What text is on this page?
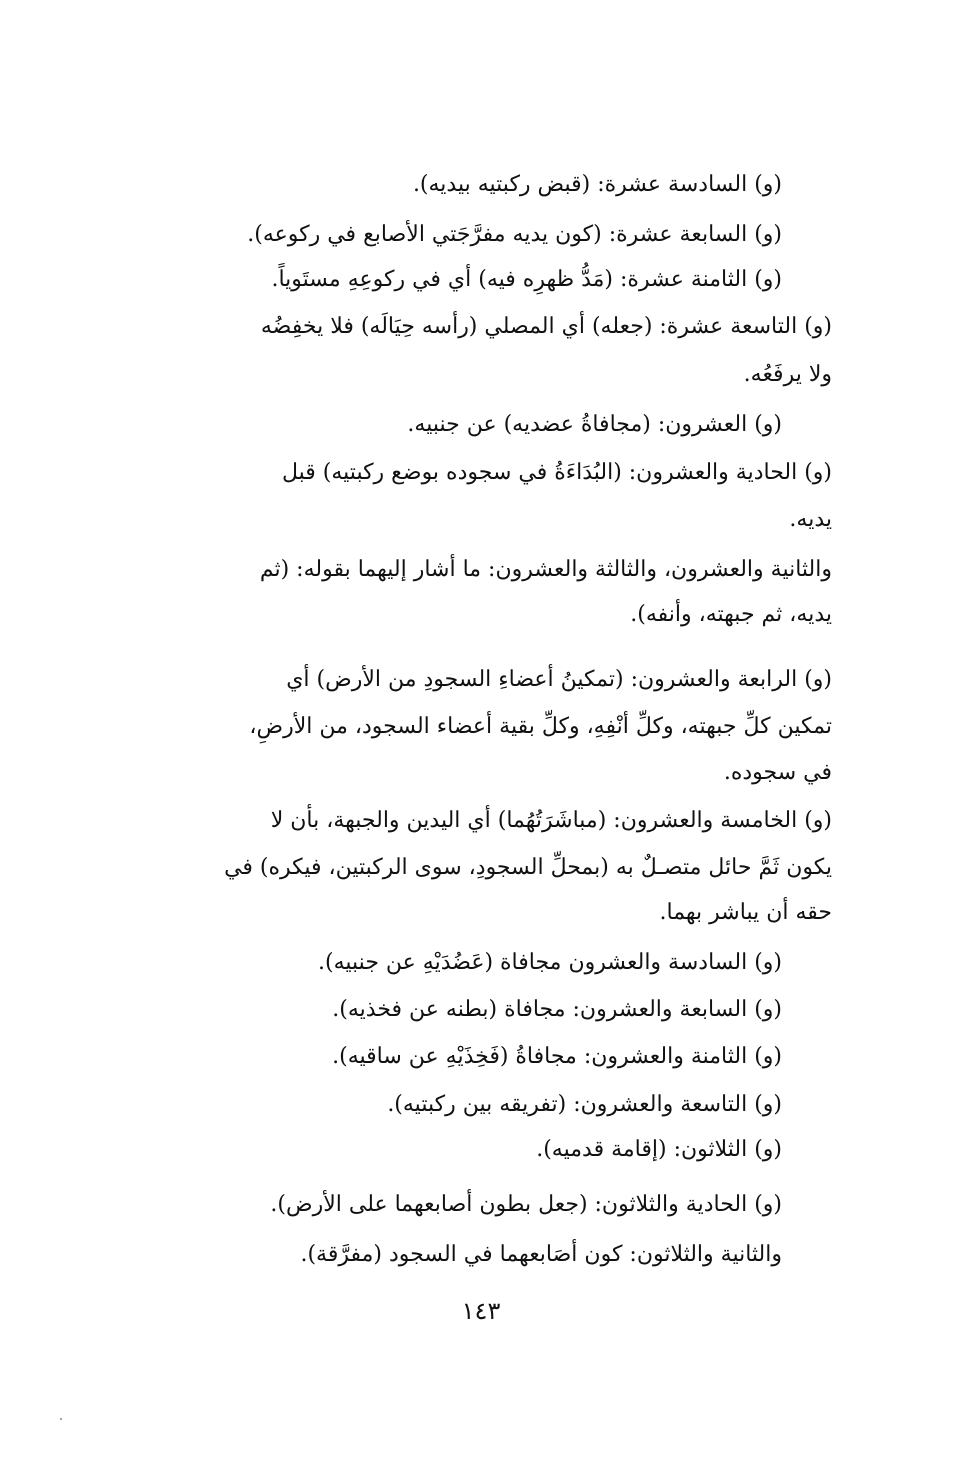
(و) السادسة عشرة: (قبض ركبتيه بيديه).
(و) السابعة عشرة: (كون يديه مفرَّجَتي الأصابع في ركوعه).
(و) الثامنة عشرة: (مَدُّ ظهرِه فيه) أي في ركوعِهِ مستَوياً.
(و) التاسعة عشرة: (جعله) أي المصلي (رأسه حِيَالَه) فلا يخفِضُه
ولا يرفَعُه.
(و) العشرون: (مجافاةُ عضديه) عن جنبيه.
(و) الحادية والعشرون: (البُدَاءَةُ في سجوده بوضع ركبتيه) قبل
يديه.
والثانية والعشرون، والثالثة والعشرون: ما أشار إليهما بقوله: (ثم
يديه، ثم جبهته، وأنفه).
(و) الرابعة والعشرون: (تمكينُ أعضاءِ السجودِ من الأرض) أي
تمكين كلِّ جبهته، وكلِّ أنْفِهِ، وكلِّ بقية أعضاء السجود، من الأرضِ،
في سجوده.
(و) الخامسة والعشرون: (مباشَرَتُهُما) أي اليدين والجبهة، بأن لا
يكون ثَمَّ حائل متصـلٌ به (بمحلِّ السجودِ، سوى الركبتين، فيكره) في
حقه أن يباشر بهما.
(و) السادسة والعشرون مجافاة (عَضُدَيْهِ عن جنبيه).
(و) السابعة والعشرون: مجافاة (بطنه عن فخذيه).
(و) الثامنة والعشرون: مجافاةُ (فَخِذَيْهِ عن ساقيه).
(و) التاسعة والعشرون: (تفريقه بين ركبتيه).
(و) الثلاثون: (إقامة قدميه).
(و) الحادية والثلاثون: (جعل بطون أصابعهما على الأرض).
والثانية والثلاثون: كون أصَابعهما في السجود (مفرَّقة).
١٤٣
